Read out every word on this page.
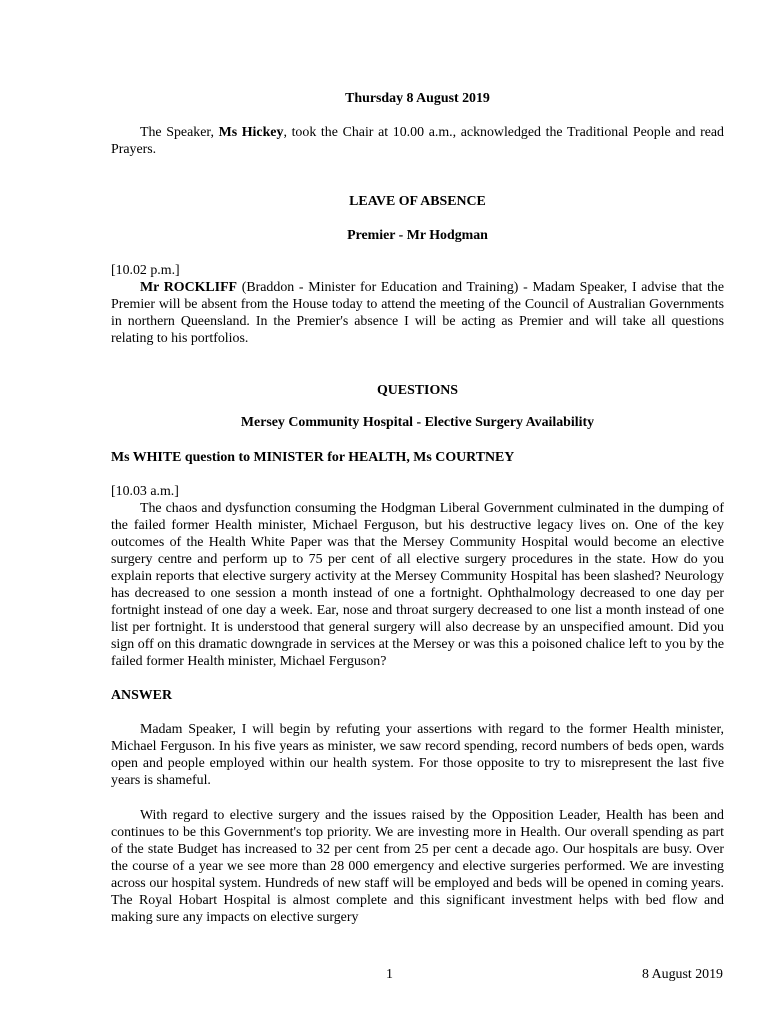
Thursday 8 August 2019

The Speaker, Ms Hickey, took the Chair at 10.00 a.m., acknowledged the Traditional People and read Prayers.

LEAVE OF ABSENCE

Premier - Mr Hodgman

[10.02 p.m.]

Mr ROCKLIFF (Braddon - Minister for Education and Training) - Madam Speaker, I advise that the Premier will be absent from the House today to attend the meeting of the Council of Australian Governments in northern Queensland. In the Premier's absence I will be acting as Premier and will take all questions relating to his portfolios.

QUESTIONS

Mersey Community Hospital - Elective Surgery Availability

Ms WHITE question to MINISTER for HEALTH, Ms COURTNEY

[10.03 a.m.]

The chaos and dysfunction consuming the Hodgman Liberal Government culminated in the dumping of the failed former Health minister, Michael Ferguson, but his destructive legacy lives on. One of the key outcomes of the Health White Paper was that the Mersey Community Hospital would become an elective surgery centre and perform up to 75 per cent of all elective surgery procedures in the state. How do you explain reports that elective surgery activity at the Mersey Community Hospital has been slashed? Neurology has decreased to one session a month instead of one a fortnight. Ophthalmology decreased to one day per fortnight instead of one day a week. Ear, nose and throat surgery decreased to one list a month instead of one list per fortnight. It is understood that general surgery will also decrease by an unspecified amount. Did you sign off on this dramatic downgrade in services at the Mersey or was this a poisoned chalice left to you by the failed former Health minister, Michael Ferguson?

ANSWER

Madam Speaker, I will begin by refuting your assertions with regard to the former Health minister, Michael Ferguson. In his five years as minister, we saw record spending, record numbers of beds open, wards open and people employed within our health system. For those opposite to try to misrepresent the last five years is shameful.

With regard to elective surgery and the issues raised by the Opposition Leader, Health has been and continues to be this Government's top priority. We are investing more in Health. Our overall spending as part of the state Budget has increased to 32 per cent from 25 per cent a decade ago. Our hospitals are busy. Over the course of a year we see more than 28 000 emergency and elective surgeries performed. We are investing across our hospital system. Hundreds of new staff will be employed and beds will be opened in coming years. The Royal Hobart Hospital is almost complete and this significant investment helps with bed flow and making sure any impacts on elective surgery

1	8 August 2019
